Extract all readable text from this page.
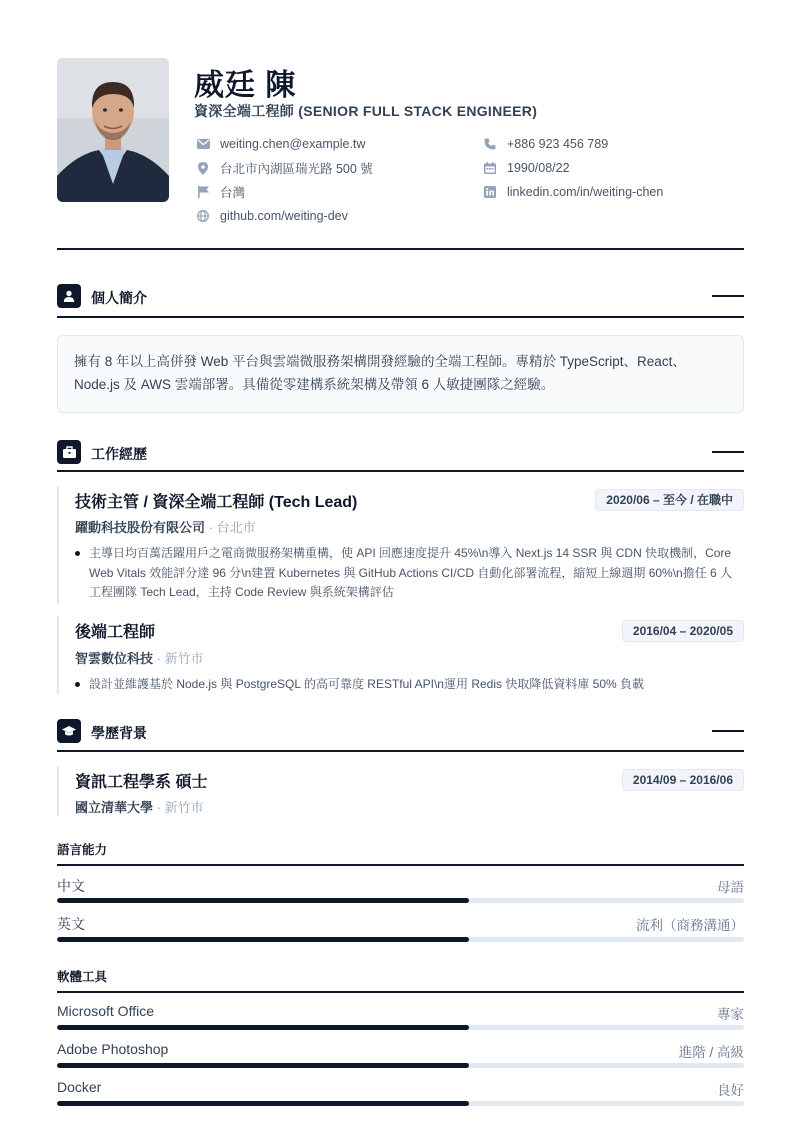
威廷 陳
資深全端工程師 (SENIOR FULL STACK ENGINEER)
weiting.chen@example.tw	+886 923 456 789
台北市內湖區瑞光路 500 號	1990/08/22
台灣	linkedin.com/in/weiting-chen
github.com/weiting-dev
個人簡介
擁有 8 年以上高併發 Web 平台與雲端微服務架構開發經驗的全端工程師。專精於 TypeScript、React、Node.js 及 AWS 雲端部署。具備從零建構系統架構及帶領 6 人敏捷團隊之經驗。
工作經歷
技術主管 / 資深全端工程師 (Tech Lead)	2020/06 – 至今 / 在職中
躍動科技股份有限公司 · 台北市
主導日均百萬活躍用戶之電商微服務架構重構，使 API 回應速度提升 45%\n導入 Next.js 14 SSR 與 CDN 快取機制，Core Web Vitals 效能評分達 96 分\n建置 Kubernetes 與 GitHub Actions CI/CD 自動化部署流程，縮短上線週期 60%\n擔任 6 人工程團隊 Tech Lead，主持 Code Review 與系統架構評估
後端工程師	2016/04 – 2020/05
智雲數位科技 · 新竹市
設計並維護基於 Node.js 與 PostgreSQL 的高可靠度 RESTful API\n運用 Redis 快取降低資料庫 50% 負載
學歷背景
資訊工程學系 碩士	2014/09 – 2016/06
國立清華大學 · 新竹市
語言能力
中文	母語
英文	流利（商務溝通）
軟體工具
Microsoft Office	專家
Adobe Photoshop	進階 / 高級
Docker	良好
